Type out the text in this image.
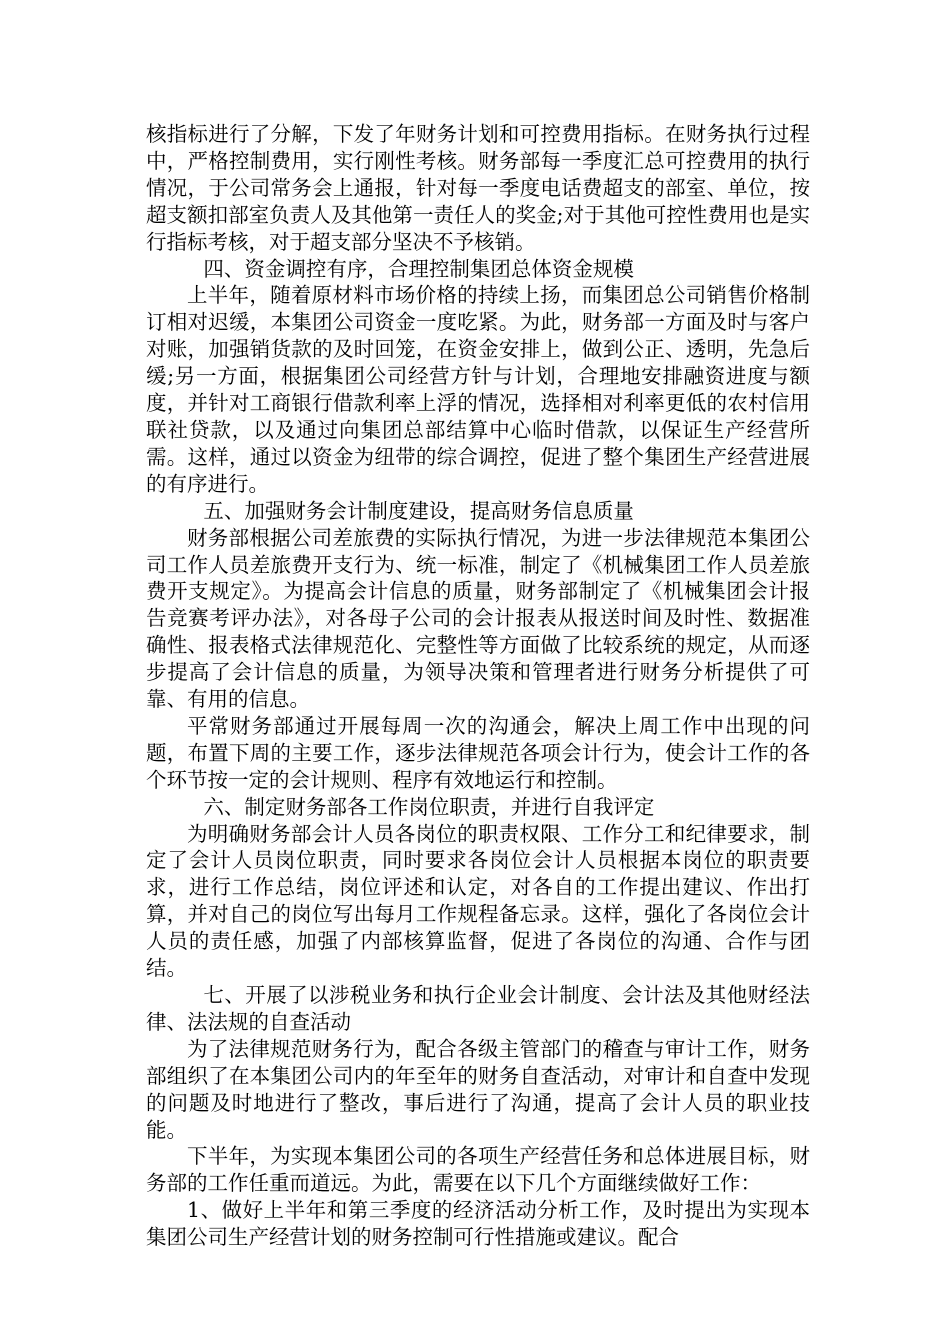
核指标进行了分解，下发了年财务计划和可控费用指标。在财务执行过程中，严格控制费用，实行刚性考核。财务部每一季度汇总可控费用的执行情况，于公司常务会上通报，针对每一季度电话费超支的部室、单位，按超支额扣部室负责人及其他第一责任人的奖金;对于其他可控性费用也是实行指标考核，对于超支部分坚决不予核销。

四、资金调控有序，合理控制集团总体资金规模

上半年，随着原材料市场价格的持续上扬，而集团总公司销售价格制订相对迟缓，本集团公司资金一度吃紧。为此，财务部一方面及时与客户对账，加强销货款的及时回笼，在资金安排上，做到公正、透明，先急后缓;另一方面，根据集团公司经营方针与计划，合理地安排融资进度与额度，并针对工商银行借款利率上浮的情况，选择相对利率更低的农村信用联社贷款，以及通过向集团总部结算中心临时借款，以保证生产经营所需。这样，通过以资金为纽带的综合调控，促进了整个集团生产经营进展的有序进行。

五、加强财务会计制度建设，提高财务信息质量

财务部根据公司差旅费的实际执行情况，为进一步法律规范本集团公司工作人员差旅费开支行为、统一标准，制定了《机械集团工作人员差旅费开支规定》。为提高会计信息的质量，财务部制定了《机械集团会计报告竞赛考评办法》，对各母子公司的会计报表从报送时间及时性、数据准确性、报表格式法律规范化、完整性等方面做了比较系统的规定，从而逐步提高了会计信息的质量，为领导决策和管理者进行财务分析提供了可靠、有用的信息。

平常财务部通过开展每周一次的沟通会，解决上周工作中出现的问题，布置下周的主要工作，逐步法律规范各项会计行为，使会计工作的各个环节按一定的会计规则、程序有效地运行和控制。

六、制定财务部各工作岗位职责，并进行自我评定

为明确财务部会计人员各岗位的职责权限、工作分工和纪律要求，制定了会计人员岗位职责，同时要求各岗位会计人员根据本岗位的职责要求，进行工作总结，岗位评述和认定，对各自的工作提出建议、作出打算，并对自己的岗位写出每月工作规程备忘录。这样，强化了各岗位会计人员的责任感，加强了内部核算监督，促进了各岗位的沟通、合作与团结。

七、开展了以涉税业务和执行企业会计制度、会计法及其他财经法律、法法规的自查活动

为了法律规范财务行为，配合各级主管部门的稽查与审计工作，财务部组织了在本集团公司内的年至年的财务自查活动，对审计和自查中发现的问题及时地进行了整改，事后进行了沟通，提高了会计人员的职业技能。

下半年，为实现本集团公司的各项生产经营任务和总体进展目标，财务部的工作任重而道远。为此，需要在以下几个方面继续做好工作：

1、做好上半年和第三季度的经济活动分析工作，及时提出为实现本集团公司生产经营计划的财务控制可行性措施或建议。配合
